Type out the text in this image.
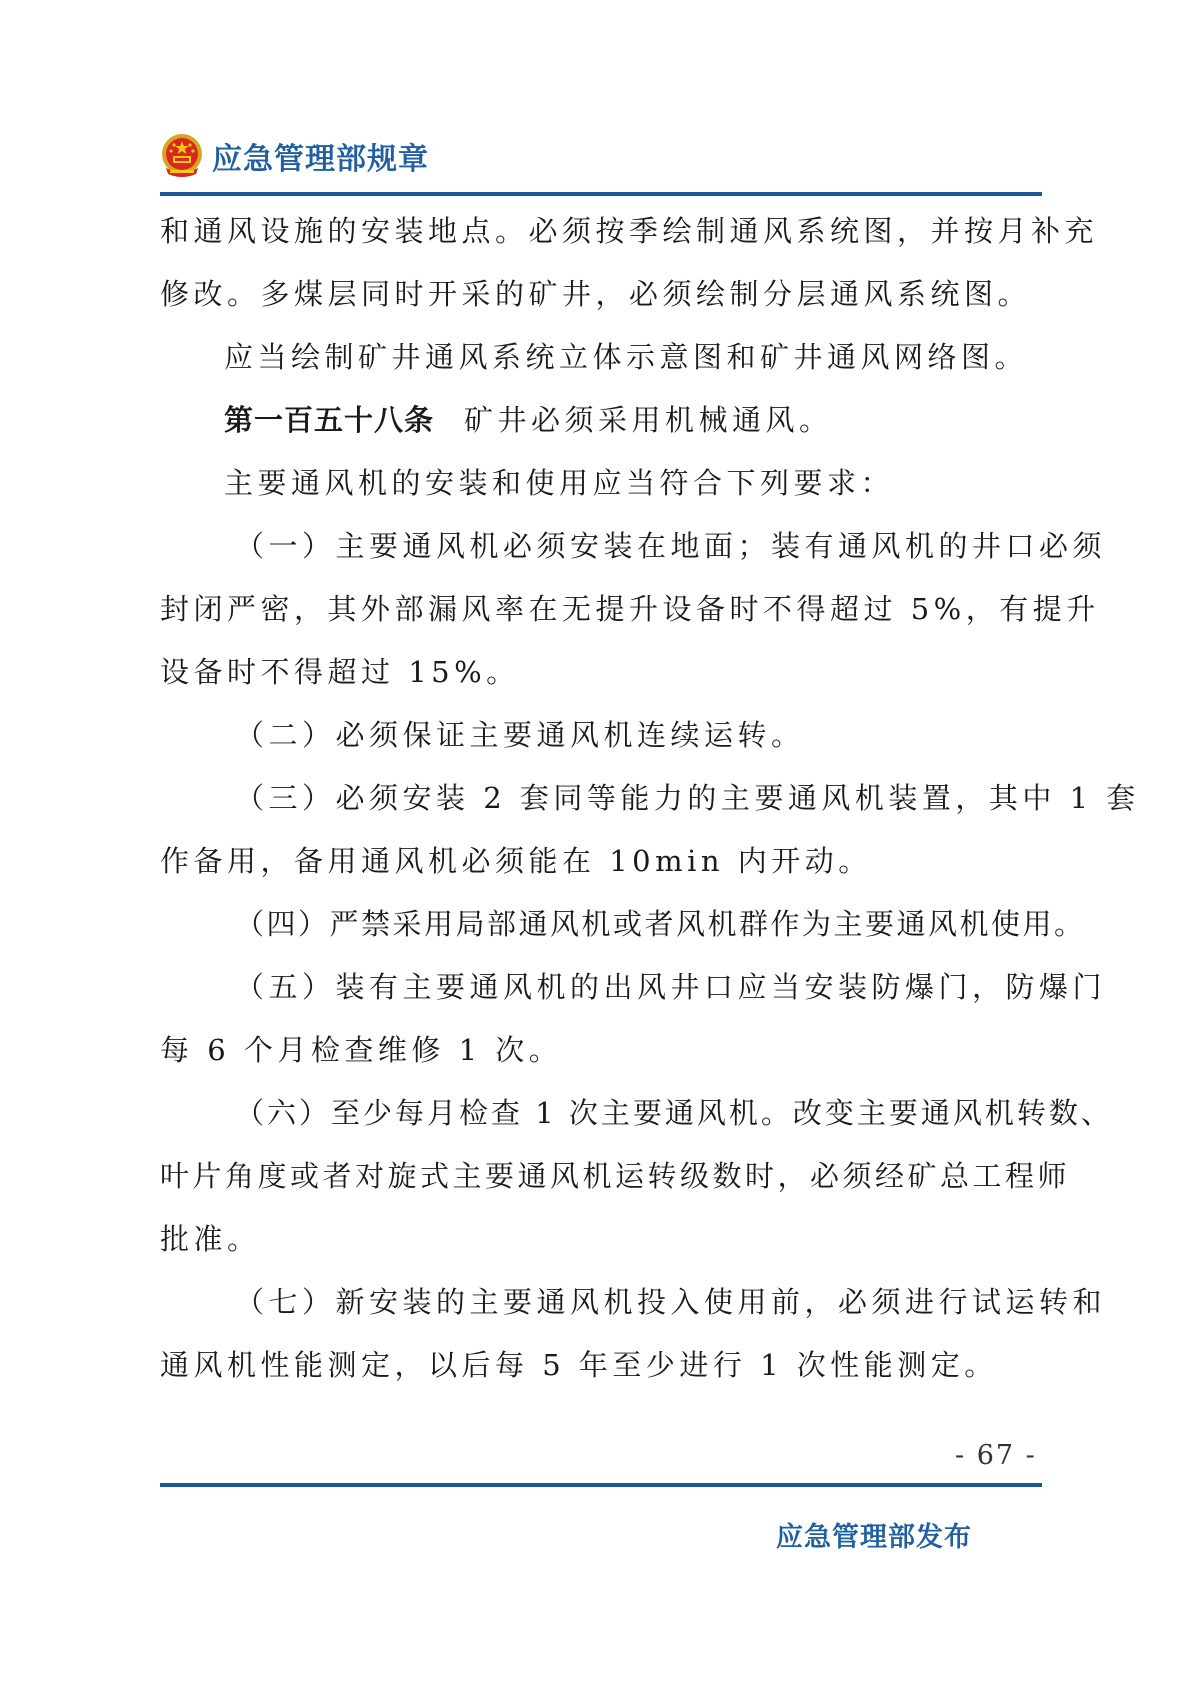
应急管理部规章

和通风设施的安装地点。必须按季绘制通风系统图，并按月补充
修改。多煤层同时开采的矿井，必须绘制分层通风系统图。

应当绘制矿井通风系统立体示意图和矿井通风网络图。

第一百五十八条 矿井必须采用机械通风。

主要通风机的安装和使用应当符合下列要求：

（一）主要通风机必须安装在地面；装有通风机的井口必须
封闭严密，其外部漏风率在无提升设备时不得超过 5%，有提升
设备时不得超过 15%。

（二）必须保证主要通风机连续运转。

（三）必须安装 2 套同等能力的主要通风机装置，其中 1 套
作备用，备用通风机必须能在 10min 内开动。

（四）严禁采用局部通风机或者风机群作为主要通风机使用。

（五）装有主要通风机的出风井口应当安装防爆门，防爆门
每 6 个月检查维修 1 次。

（六）至少每月检查 1 次主要通风机。改变主要通风机转数、
叶片角度或者对旋式主要通风机运转级数时，必须经矿总工程师
批准。

（七）新安装的主要通风机投入使用前，必须进行试运转和
通风机性能测定，以后每 5 年至少进行 1 次性能测定。

- 67 -
应急管理部发布
